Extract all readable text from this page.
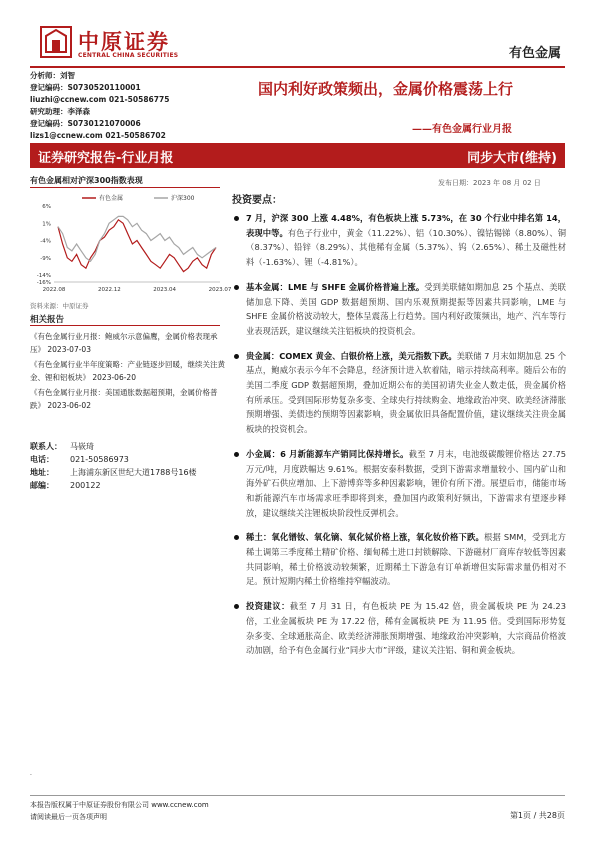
中原证券
CENTRAL CHINA SECURITIES	有色金属
分析师：刘智
登记编码：S0730520110001
liuzhi@ccnew.com 021-50586775
研究助理：李泽森
登记编码：S0730121070006
lizs1@ccnew.com 021-50586702
国内利好政策频出，金属价格震荡上行
——有色金属行业月报
证券研究报告-行业月报	同步大市(维持)
有色金属相对沪深300指数表现
6%
1%
-4%
-9%
-14%
-16%
2022.08	2022.12	2023.04	2023.07
有色金属	沪深300
资料来源：中原证券
相关报告
《有色金属行业月报：鲍威尔示意偏鹰，金属价格表现承压》 2023-07-03
《有色金属行业半年度策略：产业链逐步回暖，继续关注黄金、锂和铝板块》 2023-06-20
《有色金属行业月报：美国通胀数据超预期，金属价格普跌》 2023-06-02
联系人：	马嵚琦
电话：	021-50586973
地址：	上海浦东新区世纪大道1788号16楼
邮编：	200122
发布日期：2023 年 08 月 02 日
投资要点：
7 月，沪深 300 上涨 4.48%，有色板块上涨 5.73%，在 30 个行业中排名第 14，表现中等。有色子行业中，黄金（11.22%）、铝（10.30%）、镍钴锡锑（8.80%）、铜（8.37%）、铅锌（8.29%）、其他稀有金属（5.37%）、钨（2.65%）、稀土及磁性材料（-1.63%）、锂（-4.81%）。
基本金属：LME 与 SHFE 金属价格普遍上涨。受到美联储如期加息 25 个基点、美联储加息下降、美国 GDP 数据超预期、国内乐观预期提振等因素共同影响，LME 与 SHFE 金属价格波动较大，整体呈震荡上行趋势。国内利好政策频出，地产、汽车等行业表现活跃，建议继续关注铝板块的投资机会。
贵金属：COMEX 黄金、白银价格上涨，美元指数下跌。美联储 7 月末如期加息 25 个基点，鲍威尔表示今年不会降息，经济预计进入软着陆，暗示持续高利率。随后公布的美国二季度 GDP 数据超预期，叠加近期公布的美国初请失业金人数走低，贵金属价格有所承压。受到国际形势复杂多变、全球央行持续购金、地缘政治冲突、欧美经济滞胀预期增强、美债违约预期等因素影响，贵金属依旧具备配置价值，建议继续关注贵金属板块的投资机会。
小金属：6 月新能源车产销同比保持增长。截至 7 月末，电池级碳酸锂价格达 27.75 万元/吨，月度跌幅达 9.61%。根据安泰科数据，受到下游需求增量较小、国内矿山和海外矿石供应增加、上下游博弈等多种因素影响，锂价有所下滑。展望后市，储能市场和新能源汽车市场需求旺季即将到来，叠加国内政策利好频出，下游需求有望逐步释放，建议继续关注锂板块阶段性反弹机会。
稀土：氧化镨钕、氧化镝、氧化铽价格上涨，氧化钕价格下跌。根据 SMM，受到北方稀土调第三季度稀土精矿价格、缅甸稀土进口封锁解除、下游磁材厂商库存较低等因素共同影响，稀土价格波动较频繁，近期稀土下游急有订单新增但实际需求量仍相对不足。预计短期内稀土价格维持窄幅波动。
投资建议：截至 7 月 31 日，有色板块 PE 为 15.42 倍，贵金属板块 PE 为 24.23 倍，工业金属板块 PE 为 17.22 倍，稀有金属板块 PE 为 11.95 倍。受到国际形势复杂多变、全球通胀高企、欧美经济滞胀预期增强、地缘政治冲突影响，大宗商品价格波动加剧，给予有色金属行业“同步大市”评级，建议关注铝、铜和黄金板块。
.
本报告版权属于中原证券股份有限公司 www.ccnew.com
请阅读最后一页各项声明	第1页 / 共28页
